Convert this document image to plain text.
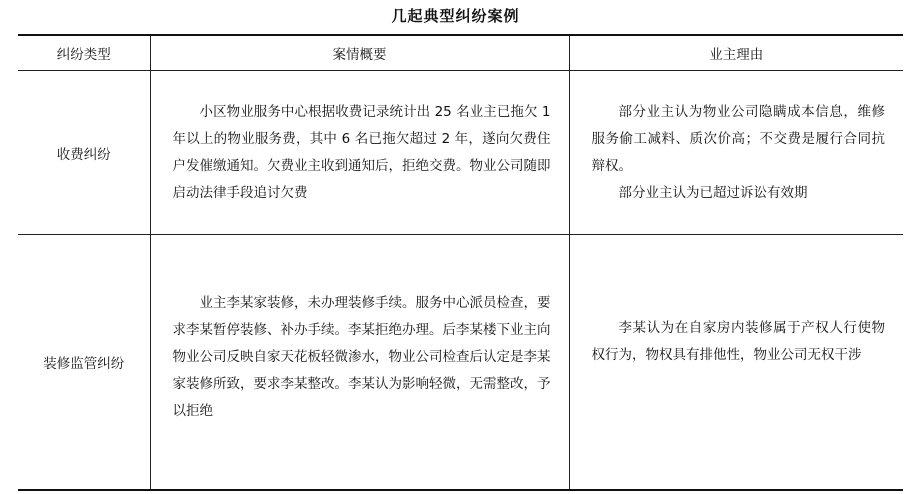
几起典型纠纷案例
纠纷类型	案情概要	业主理由
收费纠纷	小区物业服务中心根据收费记录统计出 25 名业主已拖欠 1 年以上的物业服务费，其中 6 名已拖欠超过 2 年，遂向欠费住户发催缴通知。欠费业主收到通知后，拒绝交费。物业公司随即启动法律手段追讨欠费	部分业主认为物业公司隐瞒成本信息，维修服务偷工减料、质次价高；不交费是履行合同抗辩权。

部分业主认为已超过诉讼有效期

装修监管纠纷	业主李某家装修，未办理装修手续。服务中心派员检查，要求李某暂停装修、补办手续。李某拒绝办理。后李某楼下业主向物业公司反映自家天花板轻微渗水，物业公司检查后认定是李某家装修所致，要求李某整改。李某认为影响轻微，无需整改，予以拒绝	李某认为在自家房内装修属于产权人行使物权行为，物权具有排他性，物业公司无权干涉
